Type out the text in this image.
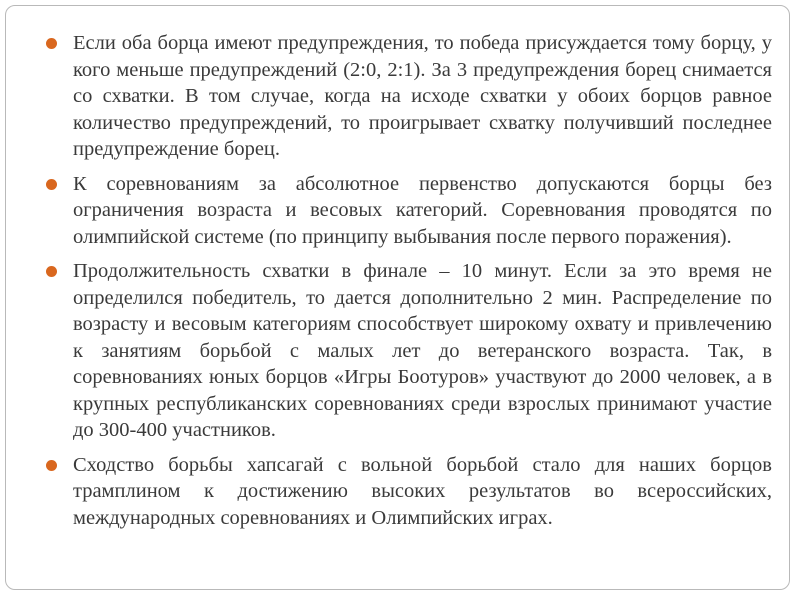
Если оба борца имеют предупреждения, то победа присуждается тому борцу, у кого меньше предупреждений (2:0, 2:1). За 3 предупреждения борец снимается со схватки. В том случае, когда на исходе схватки у обоих борцов равное количество предупреждений, то проигрывает схватку получивший последнее предупреждение борец.
К соревнованиям за абсолютное первенство допускаются борцы без ограничения возраста и весовых категорий. Соревнования проводятся по олимпийской системе (по принципу выбывания после первого поражения).
Продолжительность схватки в финале – 10 минут. Если за это время не определился победитель, то дается дополнительно 2 мин. Распределение по возрасту и весовым категориям способствует широкому охвату и привлечению к занятиям борьбой с малых лет до ветеранского возраста. Так, в соревнованиях юных борцов «Игры Боотуров» участвуют до 2000 человек, а в крупных республиканских соревнованиях среди взрослых принимают участие до 300-400 участников.
Сходство борьбы хапсагай с вольной борьбой стало для наших борцов трамплином к достижению высоких результатов во всероссийских, международных соревнованиях и Олимпийских играх.
